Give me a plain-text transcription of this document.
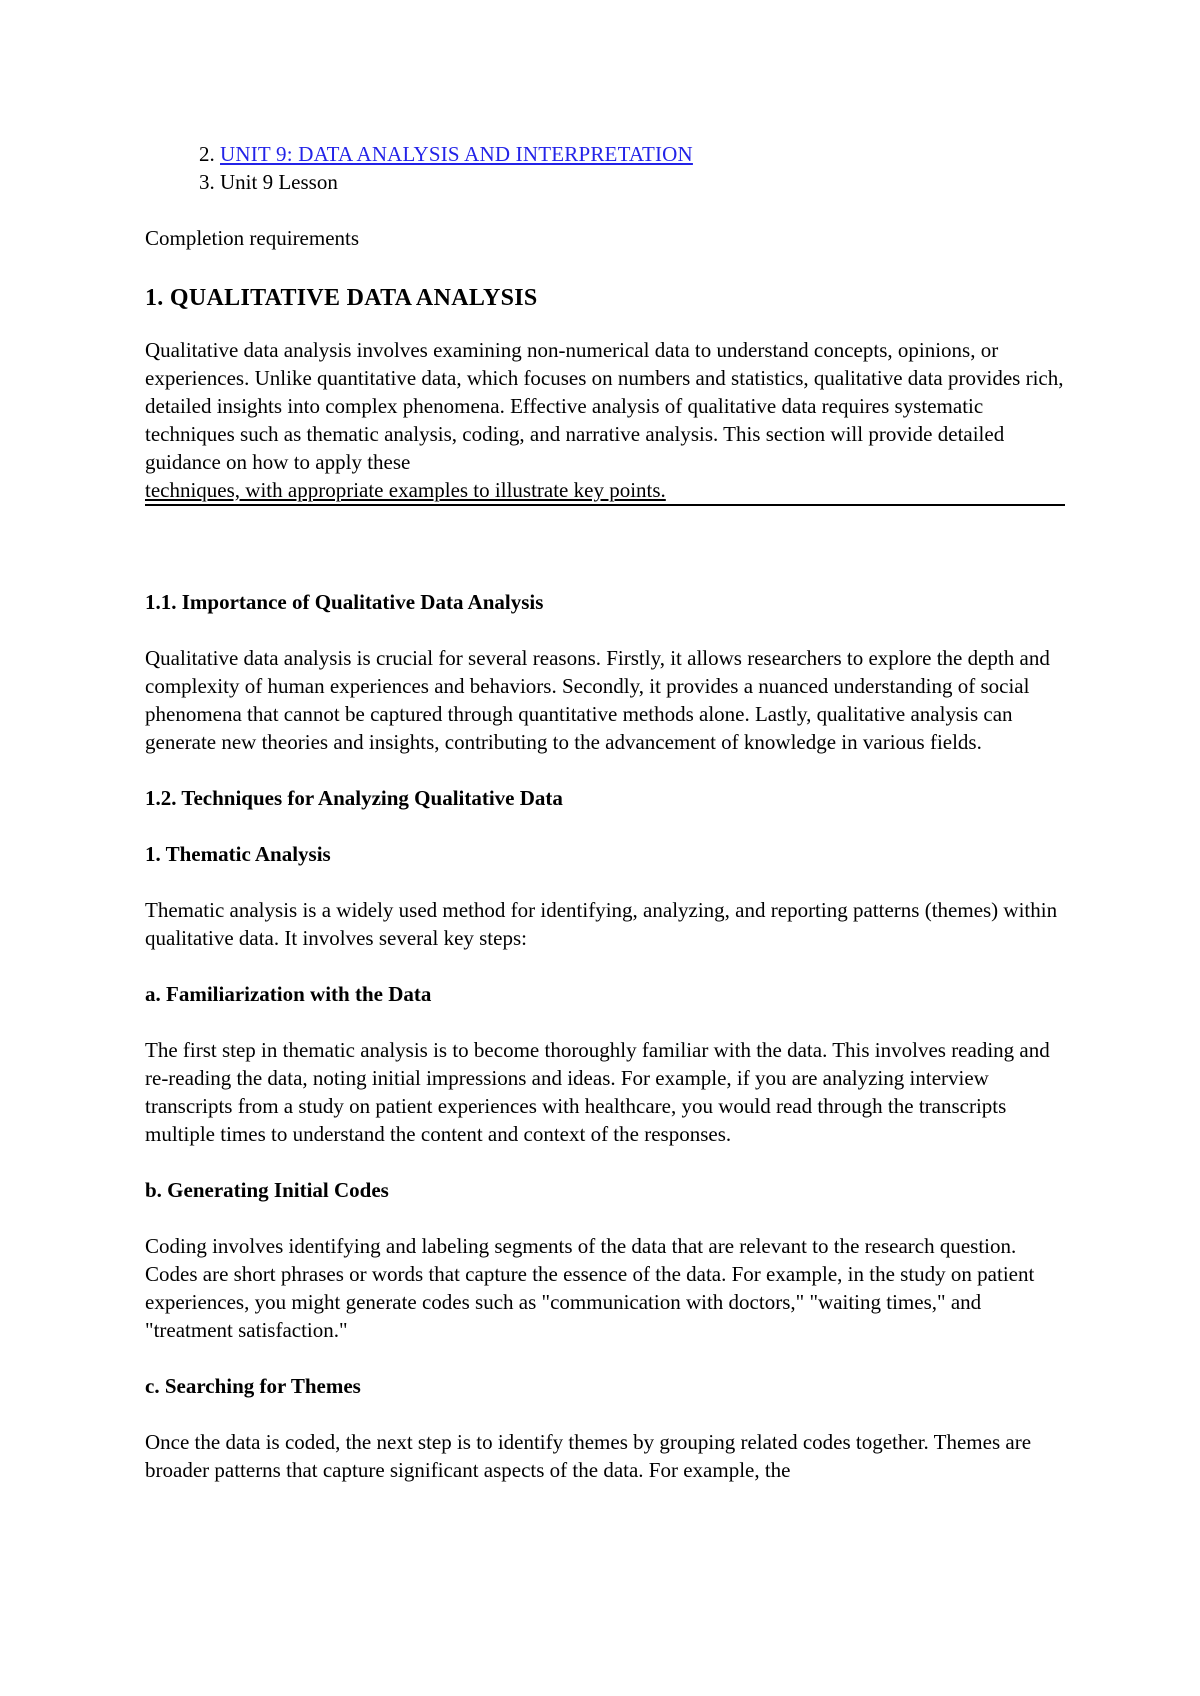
2. UNIT 9: DATA ANALYSIS AND INTERPRETATION
3. Unit 9 Lesson
Completion requirements
1. QUALITATIVE DATA ANALYSIS

Qualitative data analysis involves examining non-numerical data to understand concepts, opinions, or experiences. Unlike quantitative data, which focuses on numbers and statistics, qualitative data provides rich, detailed insights into complex phenomena. Effective analysis of qualitative data requires systematic techniques such as thematic analysis, coding, and narrative analysis. This section will provide detailed guidance on how to apply these

techniques, with appropriate examples to illustrate key points.

1.1. Importance of Qualitative Data Analysis

Qualitative data analysis is crucial for several reasons. Firstly, it allows researchers to explore the depth and complexity of human experiences and behaviors. Secondly, it provides a nuanced understanding of social phenomena that cannot be captured through quantitative methods alone. Lastly, qualitative analysis can generate new theories and insights, contributing to the advancement of knowledge in various fields.

1.2. Techniques for Analyzing Qualitative Data
1. Thematic Analysis

Thematic analysis is a widely used method for identifying, analyzing, and reporting patterns (themes) within qualitative data. It involves several key steps:

a. Familiarization with the Data

The first step in thematic analysis is to become thoroughly familiar with the data. This involves reading and re-reading the data, noting initial impressions and ideas. For example, if you are analyzing interview transcripts from a study on patient experiences with healthcare, you would read through the transcripts multiple times to understand the content and context of the responses.

b. Generating Initial Codes

Coding involves identifying and labeling segments of the data that are relevant to the research question. Codes are short phrases or words that capture the essence of the data. For example, in the study on patient experiences, you might generate codes such as "communication with doctors," "waiting times," and "treatment satisfaction."

c. Searching for Themes

Once the data is coded, the next step is to identify themes by grouping related codes together. Themes are broader patterns that capture significant aspects of the data. For example, the
